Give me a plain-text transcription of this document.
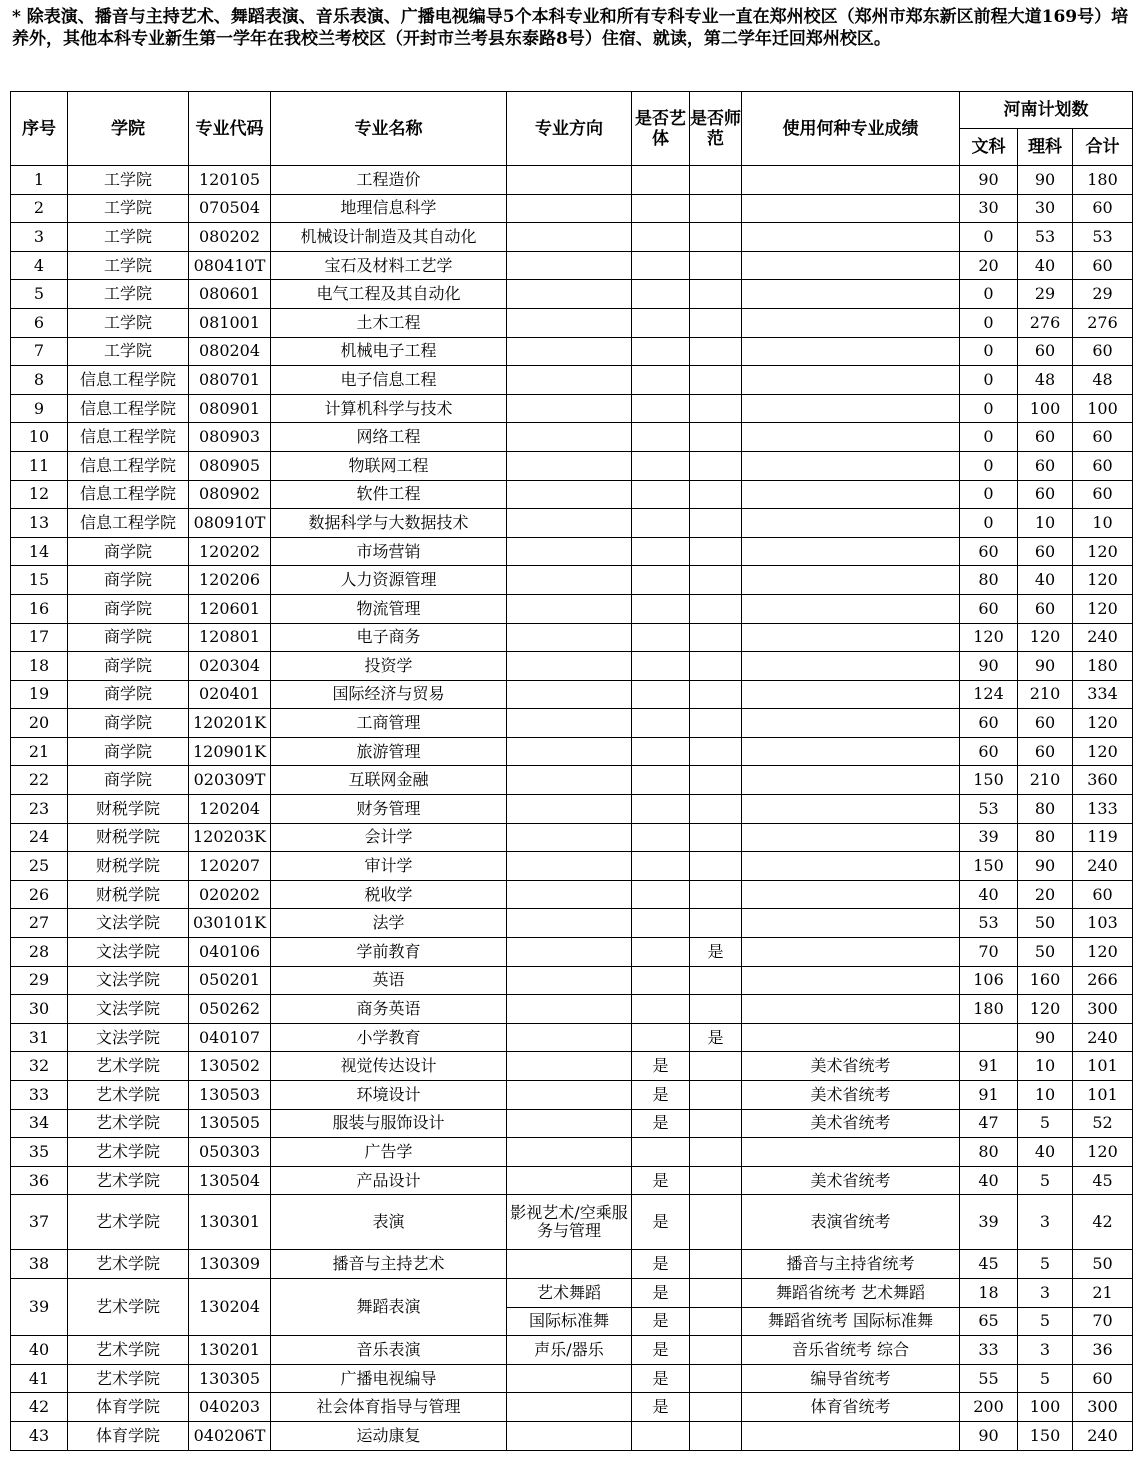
* 除表演、播音与主持艺术、舞蹈表演、音乐表演、广播电视编导5个本科专业和所有专科专业一直在郑州校区（郑州市郑东新区前程大道169号）培养外，其他本科专业新生第一学年在我校兰考校区（开封市兰考县东泰路8号）住宿、就读，第二学年迁回郑州校区。
序号	学院	专业代码	专业名称	专业方向	是否艺体	是否师范	使用何种专业成绩	河南计划数		
								文科	理科	合计
1	工学院	120105	工程造价					90	90	180
2	工学院	070504	地理信息科学					30	30	60
3	工学院	080202	机械设计制造及其自动化					0	53	53
4	工学院	080410T	宝石及材料工艺学					20	40	60
5	工学院	080601	电气工程及其自动化					0	29	29
6	工学院	081001	土木工程					0	276	276
7	工学院	080204	机械电子工程					0	60	60
8	信息工程学院	080701	电子信息工程					0	48	48
9	信息工程学院	080901	计算机科学与技术					0	100	100
10	信息工程学院	080903	网络工程					0	60	60
11	信息工程学院	080905	物联网工程					0	60	60
12	信息工程学院	080902	软件工程					0	60	60
13	信息工程学院	080910T	数据科学与大数据技术					0	10	10
14	商学院	120202	市场营销					60	60	120
15	商学院	120206	人力资源管理					80	40	120
16	商学院	120601	物流管理					60	60	120
17	商学院	120801	电子商务					120	120	240
18	商学院	020304	投资学					90	90	180
19	商学院	020401	国际经济与贸易					124	210	334
20	商学院	120201K	工商管理					60	60	120
21	商学院	120901K	旅游管理					60	60	120
22	商学院	020309T	互联网金融					150	210	360
23	财税学院	120204	财务管理					53	80	133
24	财税学院	120203K	会计学					39	80	119
25	财税学院	120207	审计学					150	90	240
26	财税学院	020202	税收学					40	20	60
27	文法学院	030101K	法学					53	50	103
28	文法学院	040106	学前教育			是		70	50	120
29	文法学院	050201	英语					106	160	266
30	文法学院	050262	商务英语					180	120	300
31	文法学院	040107	小学教育			是			90	240
32	艺术学院	130502	视觉传达设计		是		美术省统考	91	10	101
33	艺术学院	130503	环境设计		是		美术省统考	91	10	101
34	艺术学院	130505	服装与服饰设计		是		美术省统考	47	5	52
35	艺术学院	050303	广告学					80	40	120
36	艺术学院	130504	产品设计		是		美术省统考	40	5	45
37	艺术学院	130301	表演	影视艺术/空乘服务与管理	是		表演省统考	39	3	42
38	艺术学院	130309	播音与主持艺术		是		播音与主持省统考	45	5	50
39	艺术学院	130204	舞蹈表演	艺术舞蹈	是		舞蹈省统考 艺术舞蹈	18	3	21
				国际标准舞	是		舞蹈省统考 国际标准舞	65	5	70
40	艺术学院	130201	音乐表演	声乐/器乐	是		音乐省统考 综合	33	3	36
41	艺术学院	130305	广播电视编导		是		编导省统考	55	5	60
42	体育学院	040203	社会体育指导与管理		是		体育省统考	200	100	300
43	体育学院	040206T	运动康复					90	150	240
